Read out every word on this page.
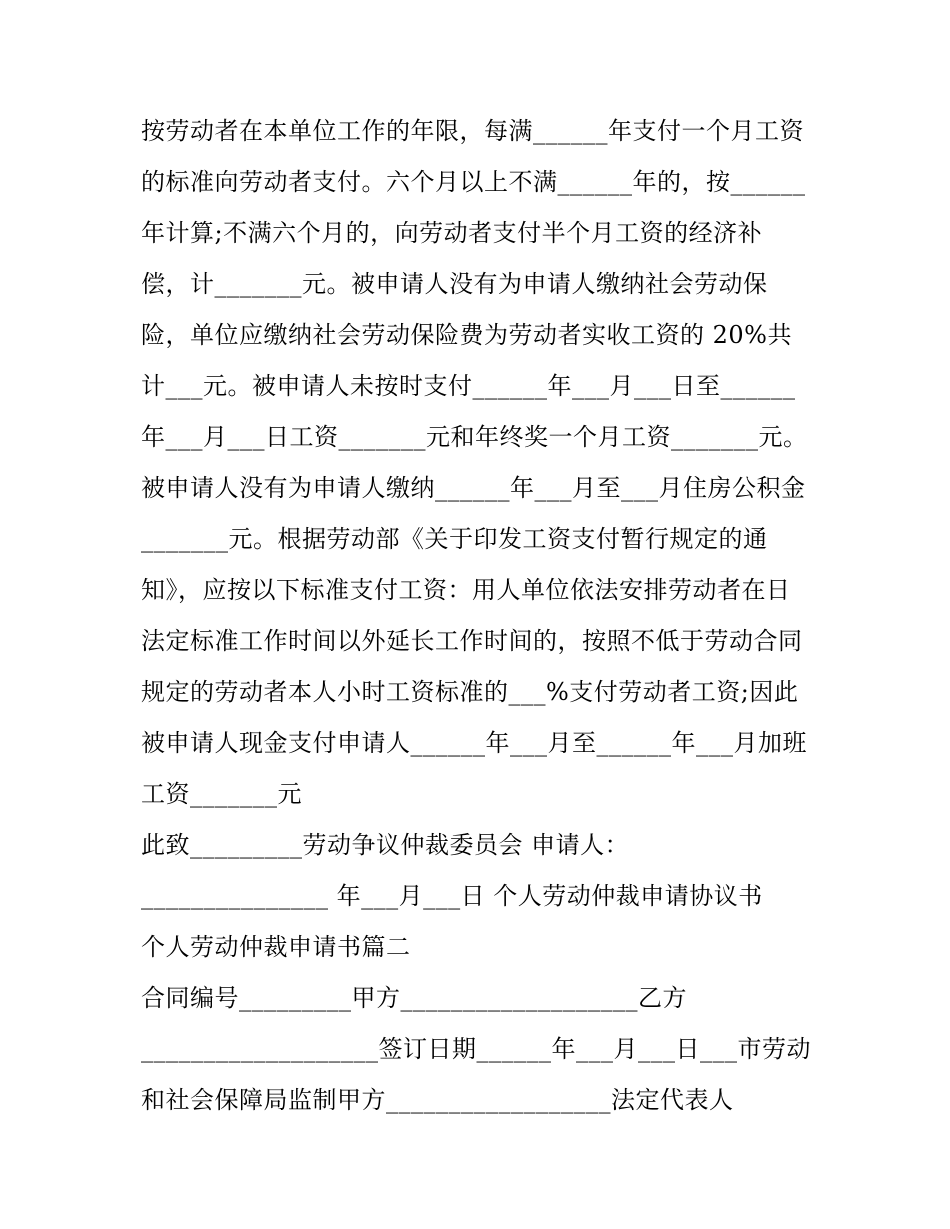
按劳动者在本单位工作的年限，每满______年支付一个月工资
的标准向劳动者支付。六个月以上不满______年的，按______
年计算;不满六个月的，向劳动者支付半个月工资的经济补
偿，计_______元。被申请人没有为申请人缴纳社会劳动保
险，单位应缴纳社会劳动保险费为劳动者实收工资的 20%共
计___元。被申请人未按时支付______年___月___日至______
年___月___日工资_______元和年终奖一个月工资_______元。
被申请人没有为申请人缴纳______年___月至___月住房公积金
_______元。根据劳动部《关于印发工资支付暂行规定的通
知》，应按以下标准支付工资：用人单位依法安排劳动者在日
法定标准工作时间以外延长工作时间的，按照不低于劳动合同
规定的劳动者本人小时工资标准的___%支付劳动者工资;因此
被申请人现金支付申请人______年___月至______年___月加班
工资_______元
此致_________劳动争议仲裁委员会 申请人：
_______________ 年___月___日 个人劳动仲裁申请协议书
个人劳动仲裁申请书篇二
合同编号_________甲方___________________乙方
___________________签订日期______年___月___日___市劳动
和社会保障局监制甲方__________________法定代表人
